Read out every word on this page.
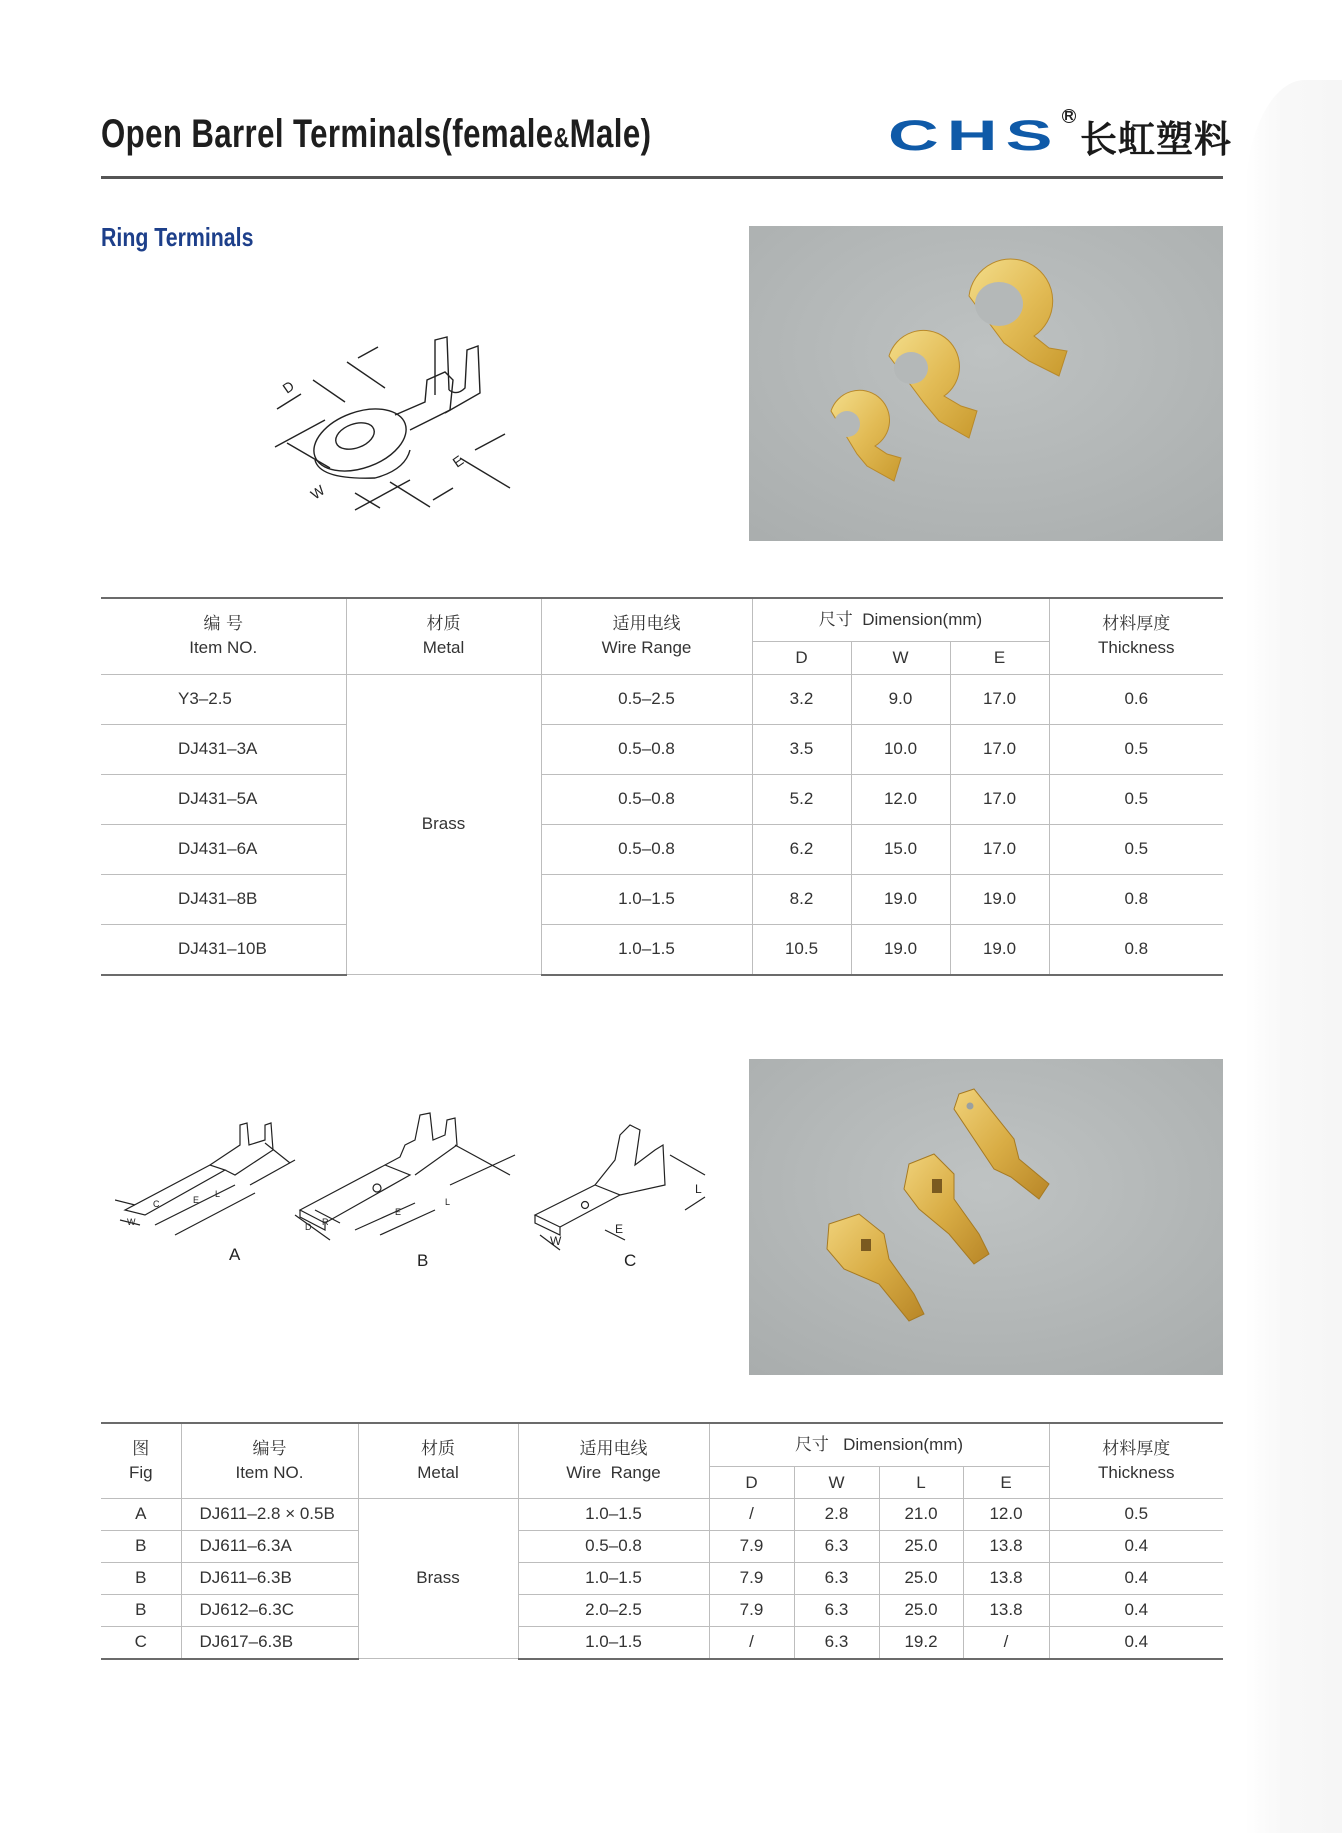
Open Barrel Terminals(female&Male)	CHS R
长虹塑料
Ring Terminals
D
W
E
编 号
Item NO.	材质
Metal	适用电线
Wire Range	尺寸 Dimension(mm)			材料厚度
Thickness
			D	W	E	
Y3–2.5	Brass	0.5–2.5	3.2	9.0	17.0	0.6
DJ431–3A		0.5–0.8	3.5	10.0	17.0	0.5
DJ431–5A		0.5–0.8	5.2	12.0	17.0	0.5
DJ431–6A		0.5–0.8	6.2	15.0	17.0	0.5
DJ431–8B		1.0–1.5	8.2	19.0	19.0	0.8
DJ431–10B		1.0–1.5	10.5	19.0	19.0	0.8
C	E
L
W	R
D
E
L
W
E
L
A	B	C
图
Fig	编号
Item NO.	材质
Metal	适用电线
Wire  Range	尺寸 Dimension(mm)				材料厚度
Thickness
				D	W	L	E	
A	DJ611–2.8 × 0.5B	Brass	1.0–1.5	/	2.8	21.0	12.0	0.5
B	DJ611–6.3A		0.5–0.8	7.9	6.3	25.0	13.8	0.4
B	DJ611–6.3B		1.0–1.5	7.9	6.3	25.0	13.8	0.4
B	DJ612–6.3C		2.0–2.5	7.9	6.3	25.0	13.8	0.4
C	DJ617–6.3B		1.0–1.5	/	6.3	19.2	/	0.4
